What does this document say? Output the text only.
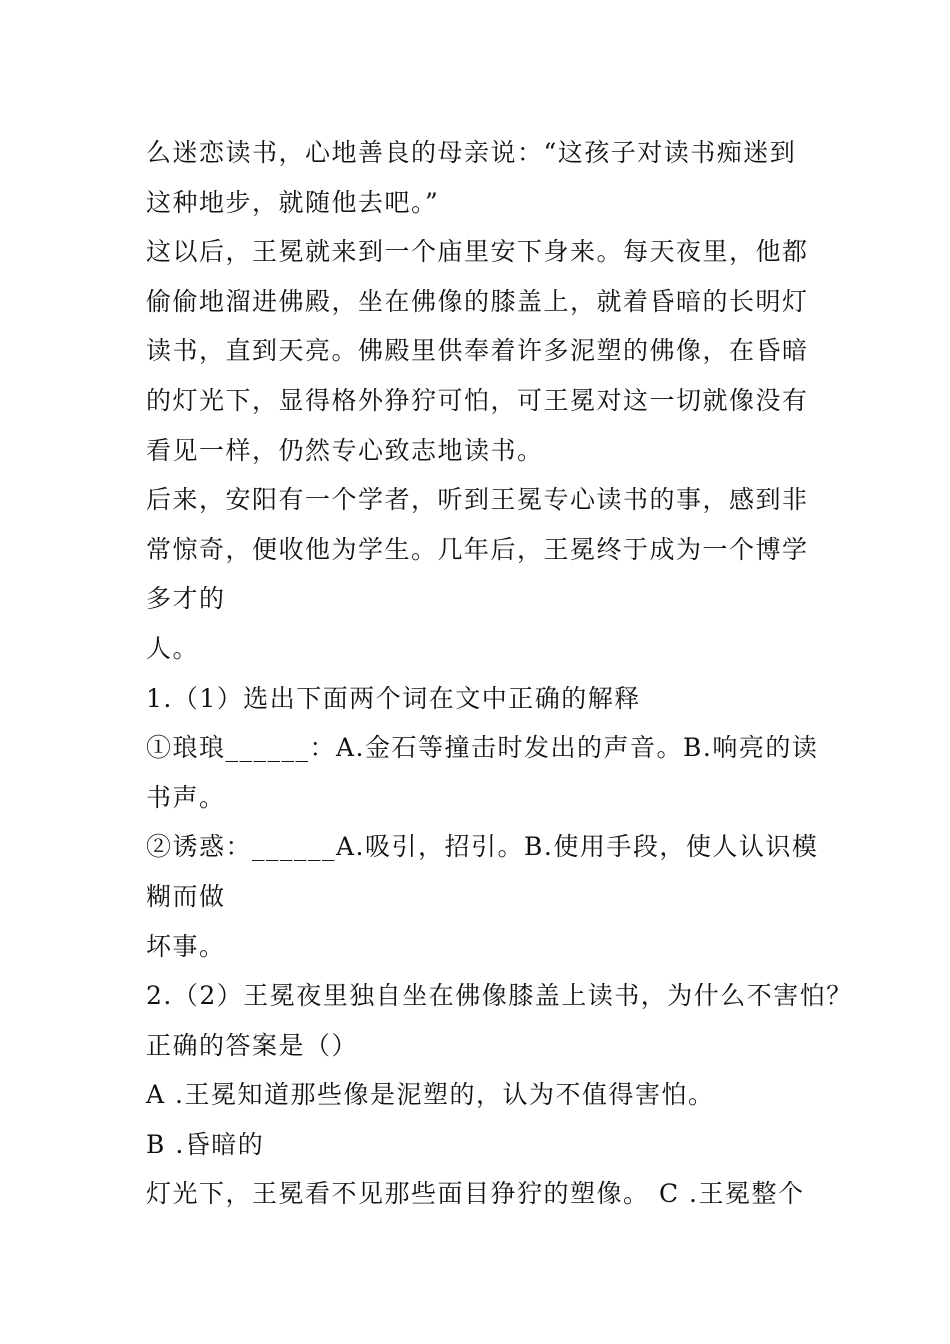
么迷恋读书，心地善良的母亲说：“这孩子对读书痴迷到
这种地步，就随他去吧。”
这以后，王冕就来到一个庙里安下身来。每天夜里，他都
偷偷地溜进佛殿，坐在佛像的膝盖上，就着昏暗的长明灯
读书，直到天亮。佛殿里供奉着许多泥塑的佛像，在昏暗
的灯光下，显得格外狰狞可怕，可王冕对这一切就像没有
看见一样，仍然专心致志地读书。
后来，安阳有一个学者，听到王冕专心读书的事，感到非
常惊奇，便收他为学生。几年后，王冕终于成为一个博学
多才的
人。
1.（1）选出下面两个词在文中正确的解释
①琅琅______：A.金石等撞击时发出的声音。B.响亮的读
书声。
②诱惑：______A.吸引，招引。B.使用手段，使人认识模
糊而做
坏事。
2.（2）王冕夜里独自坐在佛像膝盖上读书，为什么不害怕？
正确的答案是（）
A .王冕知道那些像是泥塑的，认为不值得害怕。
B .昏暗的
灯光下，王冕看不见那些面目狰狞的塑像。 C .王冕整个
